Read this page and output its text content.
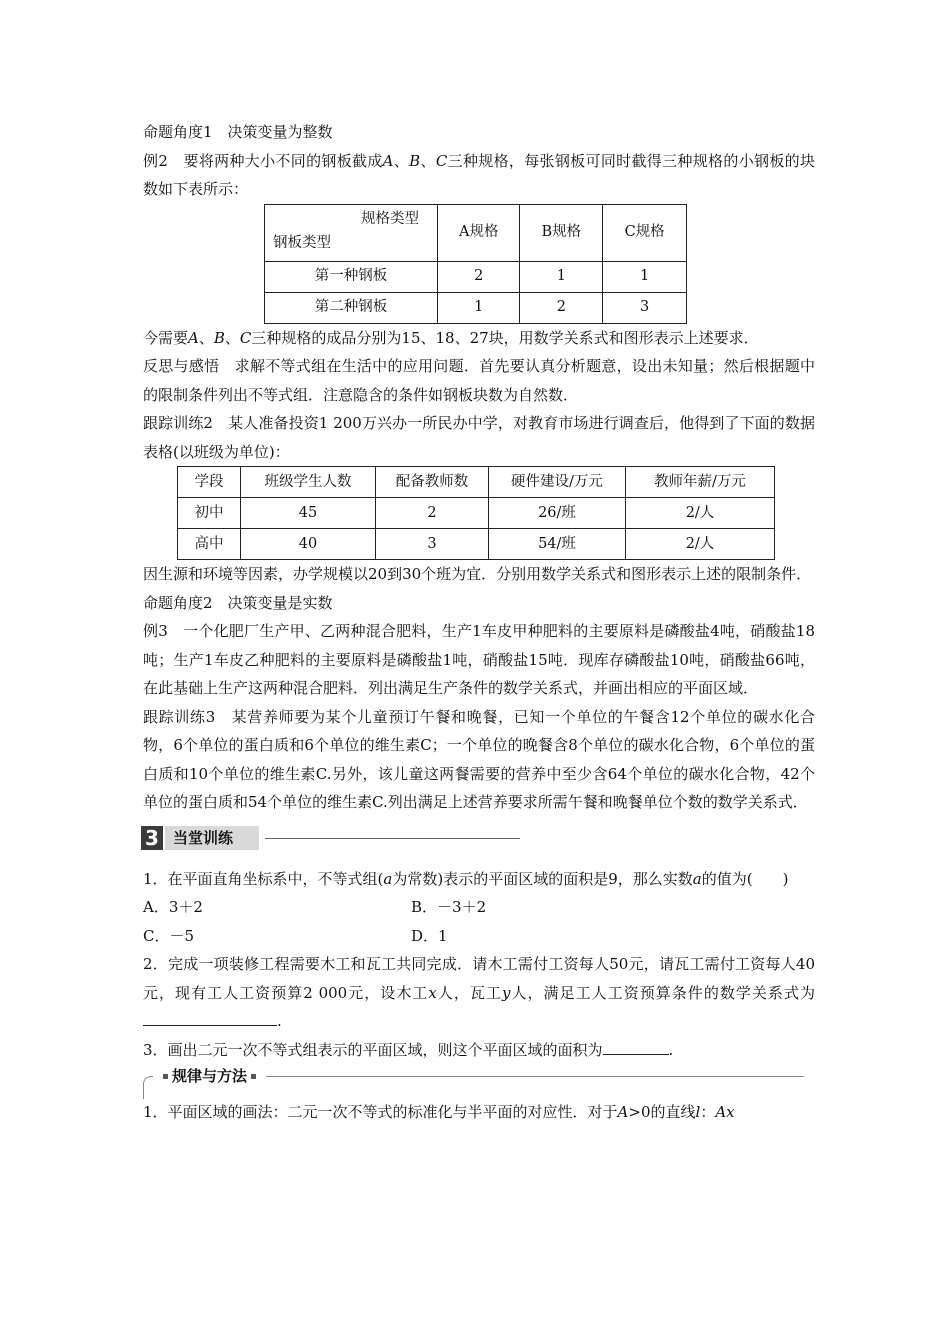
命题角度1　决策变量为整数

例2　要将两种大小不同的钢板截成A、B、C三种规格，每张钢板可同时截得三种规格的小钢板的块数如下表所示：

规格类型
钢板类型	A规格	B规格	C规格
第一种钢板	2	1	1
第二种钢板	1	2	3

今需要A、B、C三种规格的成品分别为15、18、27块，用数学关系式和图形表示上述要求．

反思与感悟　求解不等式组在生活中的应用问题．首先要认真分析题意，设出未知量；然后根据题中的限制条件列出不等式组．注意隐含的条件如钢板块数为自然数．

跟踪训练2　某人准备投资1 200万兴办一所民办中学，对教育市场进行调查后，他得到了下面的数据表格(以班级为单位)：

学段	班级学生人数	配备教师数	硬件建设/万元	教师年薪/万元
初中	45	2	26/班	2/人
高中	40	3	54/班	2/人

因生源和环境等因素，办学规模以20到30个班为宜．分别用数学关系式和图形表示上述的限制条件．

命题角度2　决策变量是实数

例3　一个化肥厂生产甲、乙两种混合肥料，生产1车皮甲种肥料的主要原料是磷酸盐4吨，硝酸盐18吨；生产1车皮乙种肥料的主要原料是磷酸盐1吨，硝酸盐15吨．现库存磷酸盐10吨，硝酸盐66吨，在此基础上生产这两种混合肥料．列出满足生产条件的数学关系式，并画出相应的平面区域．

跟踪训练3　某营养师要为某个儿童预订午餐和晚餐，已知一个单位的午餐含12个单位的碳水化合物，6个单位的蛋白质和6个单位的维生素C；一个单位的晚餐含8个单位的碳水化合物，6个单位的蛋白质和10个单位的维生素C.另外，该儿童这两餐需要的营养中至少含64个单位的碳水化合物，42个单位的蛋白质和54个单位的维生素C.列出满足上述营养要求所需午餐和晚餐单位个数的数学关系式．

3 当堂训练

1．在平面直角坐标系中，不等式组(a为常数)表示的平面区域的面积是9，那么实数a的值为(　　)

A．3＋2	B．－3＋2
C．－5	D．1

2．完成一项装修工程需要木工和瓦工共同完成．请木工需付工资每人50元，请瓦工需付工资每人40元，现有工人工资预算2 000元，设木工x人，瓦工y人，满足工人工资预算条件的数学关系式为.

3．画出二元一次不等式组表示的平面区域，则这个平面区域的面积为	.

规律与方法

1．平面区域的画法：二元一次不等式的标准化与半平面的对应性．对于A>0的直线l：Ax
